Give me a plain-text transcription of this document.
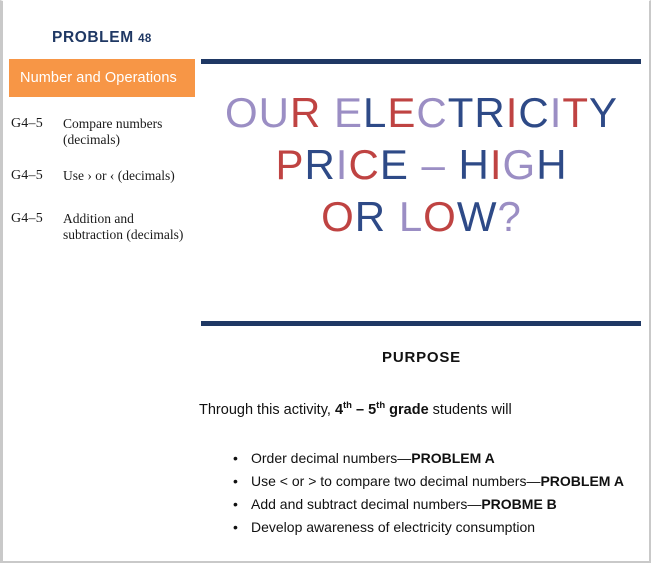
PROBLEM 48
Number and Operations
G4–5	Compare numbers (decimals)
G4–5	Use › or ‹ (decimals)
G4–5	Addition and subtraction (decimals)
OUR ELECTRICITY
PRICE – HIGH
OR LOW?
PURPOSE
Through this activity, 4th – 5th grade students will
• Order decimal numbers—PROBLEM A
• Use < or > to compare two decimal numbers—PROBLEM A
• Add and subtract decimal numbers—PROBME B
• Develop awareness of electricity consumption
